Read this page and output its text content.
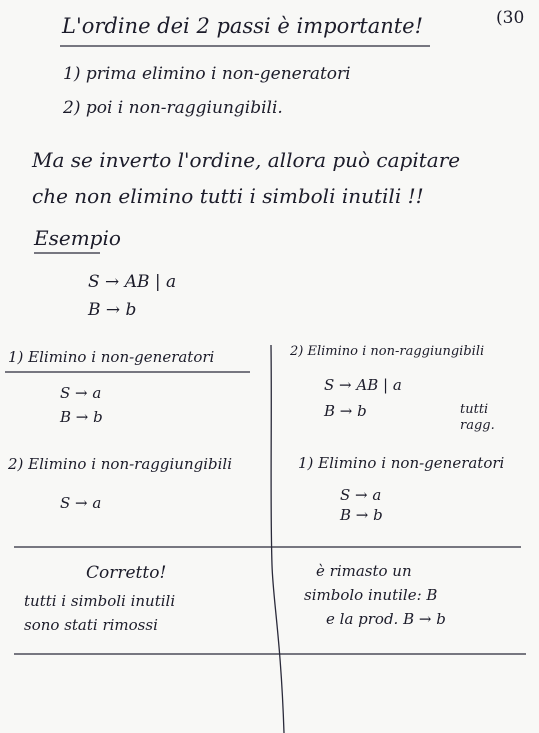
L'ordine dei 2 passi è importante!	(30
1) prima elimino i non-generatori
2) poi i non-raggiungibili.
Ma se inverto l'ordine, allora può capitare
che non elimino tutti i simboli inutili !!
Esempio
S → AB | a
B → b
1) Elimino i non-generatori
S → a
B → b
2) Elimino i non-raggiungibili
S → a
Corretto!
tutti i simboli inutili
sono stati rimossi
2) Elimino i non-raggiungibili
S → AB | a
B → b	tutti
ragg.
1) Elimino i non-generatori
S → a
B → b
è rimasto un
simbolo inutile: B
e la prod. B → b
